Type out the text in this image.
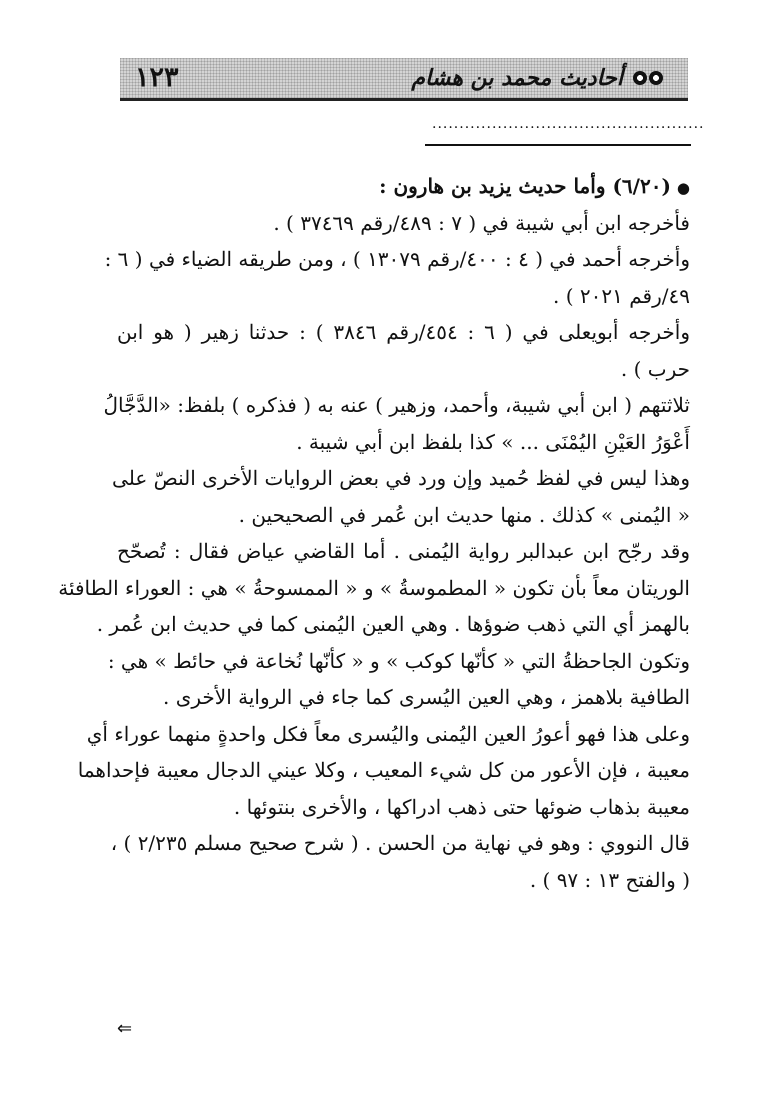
١٢٣	أحاديث محمد بن هشام
..................................................
●(٦/٢٠) وأما حديث يزيد بن هارون :
فأخرجه ابن أبي شيبة في ( ٧ : ٤٨٩/رقم ٣٧٤٦٩ ) .
وأخرجه أحمد في ( ٤ : ٤٠٠/رقم ١٣٠٧٩ ) ، ومن طريقه الضياء في ( ٦ :
٤٩/رقم ٢٠٢١ ) .
وأخرجه أبويعلى في ( ٦ : ٤٥٤/رقم ٣٨٤٦ ) : حدثنا زهير ( هو ابن
حرب ) .
ثلاثتهم ( ابن أبي شيبة، وأحمد، وزهير ) عنه به ( فذكره ) بلفظ: «الدَّجَّالُ
أَعْوَرُ العَيْنِ اليُمْنَى ... » كذا بلفظ ابن أبي شيبة .
وهذا ليس في لفظ حُميد وإن ورد في بعض الروايات الأخرى النصّ على
« اليُمنى » كذلك . منها حديث ابن عُمر في الصحيحين .
وقد رجّح ابن عبدالبر رواية اليُمنى . أما القاضي عياض فقال : تُصحّح
الوريتان معاً بأن تكون « المطموسةُ » و « الممسوحةُ » هي : العوراء الطافئة
بالهمز أي التي ذهب ضوؤها . وهي العين اليُمنى كما في حديث ابن عُمر .
وتكون الجاحظةُ التي « كأنّها كوكب » و « كأنّها نُخاعة في حائط » هي :
الطافية بلاهمز ، وهي العين اليُسرى كما جاء في الرواية الأخرى .
وعلى هذا فهو أعورُ العين اليُمنى واليُسرى معاً فكل واحدةٍ منهما عوراء أي
معيبة ، فإن الأعور من كل شيء المعيب ، وكلا عيني الدجال معيبة فإحداهما
معيبة بذهاب ضوئها حتى ذهب ادراكها ، والأخرى بنتوئها .
قال النووي : وهو في نهاية من الحسن . ( شرح صحيح مسلم ٢/٢٣٥ ) ،
( والفتح ١٣ : ٩٧ ) .
⇐
